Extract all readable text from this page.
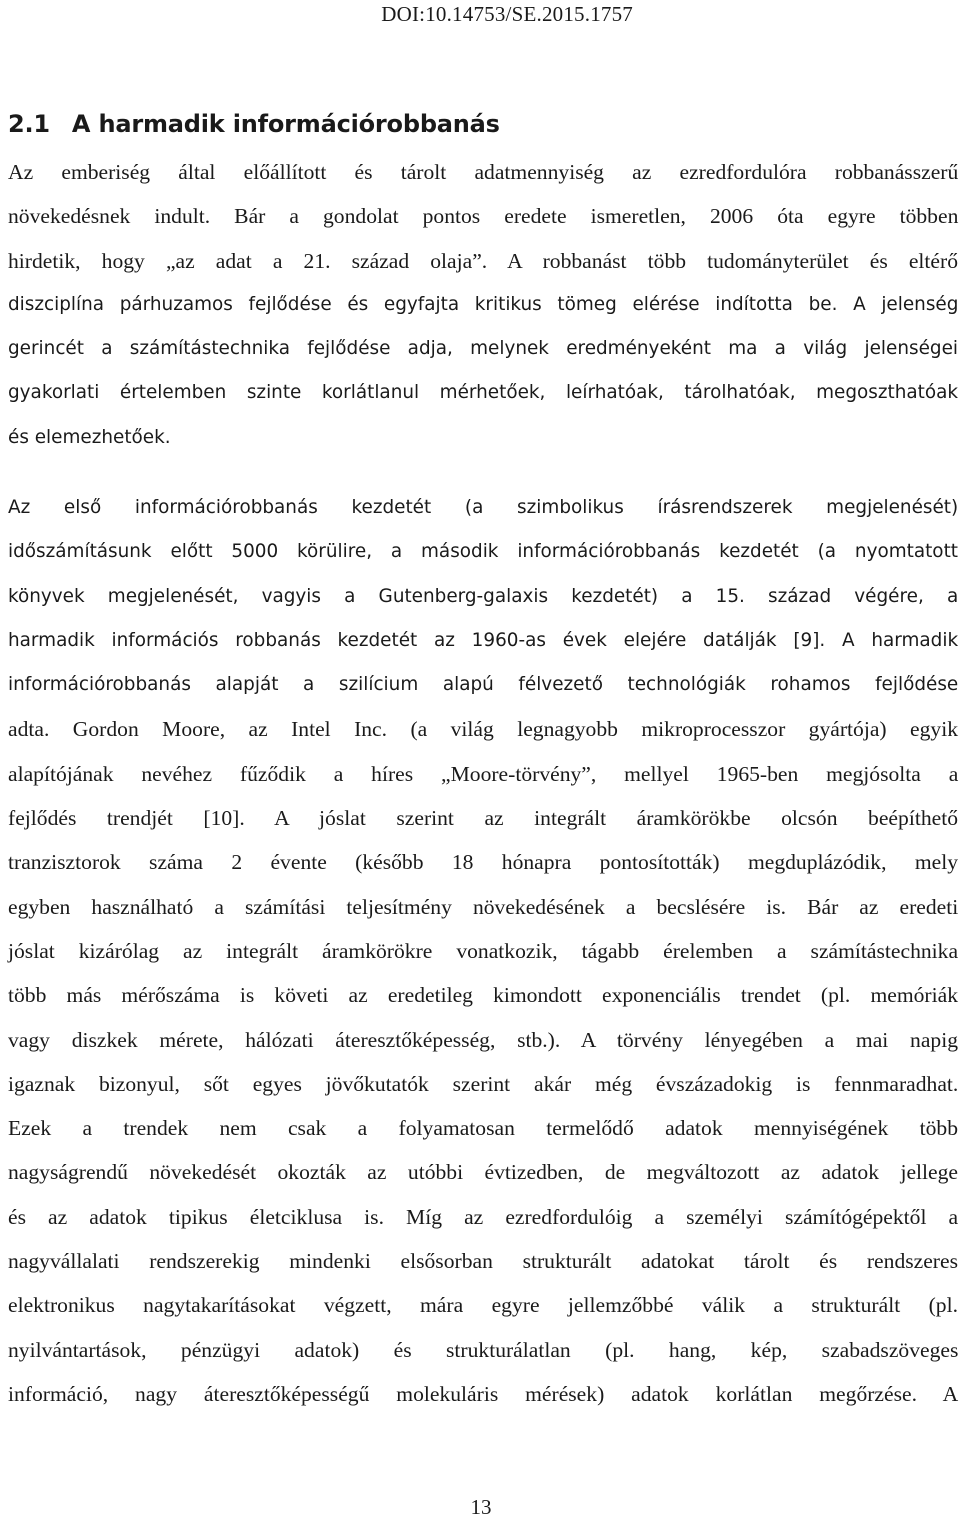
DOI:10.14753/SE.2015.1757
2.1 A harmadik információrobbanás
Az emberiség által előállított és tárolt adatmennyiség az ezredfordulóra robbanásszerű
növekedésnek indult. Bár a gondolat pontos eredete ismeretlen, 2006 óta egyre többen
hirdetik, hogy „az adat a 21. század olaja”. A robbanást több tudományterület és eltérő
diszciplína párhuzamos fejlődése és egyfajta kritikus tömeg elérése indította be. A jelenség
gerincét a számítástechnika fejlődése adja, melynek eredményeként ma a világ jelenségei
gyakorlati értelemben szinte korlátlanul mérhetőek, leírhatóak, tárolhatóak, megoszthatóak
és elemezhetőek.
Az első információrobbanás kezdetét (a szimbolikus írásrendszerek megjelenését)
időszámításunk előtt 5000 körülire, a második információrobbanás kezdetét (a nyomtatott
könyvek megjelenését, vagyis a Gutenberg-galaxis kezdetét) a 15. század végére, a
harmadik információs robbanás kezdetét az 1960-as évek elejére datálják [9]. A harmadik
információrobbanás alapját a szilícium alapú félvezető technológiák rohamos fejlődése
adta. Gordon Moore, az Intel Inc. (a világ legnagyobb mikroprocesszor gyártója) egyik
alapítójának nevéhez fűződik a híres „Moore-törvény”, mellyel 1965-ben megjósolta a
fejlődés trendjét [10]. A jóslat szerint az integrált áramkörökbe olcsón beépíthető
tranzisztorok száma 2 évente (később 18 hónapra pontosították) megduplázódik, mely
egyben használható a számítási teljesítmény növekedésének a becslésére is. Bár az eredeti
jóslat kizárólag az integrált áramkörökre vonatkozik, tágabb érelemben a számítástechnika
több más mérőszáma is követi az eredetileg kimondott exponenciális trendet (pl. memóriák
vagy diszkek mérete, hálózati áteresztőképesség, stb.). A törvény lényegében a mai napig
igaznak bizonyul, sőt egyes jövőkutatók szerint akár még évszázadokig is fennmaradhat.
Ezek a trendek nem csak a folyamatosan termelődő adatok mennyiségének több
nagyságrendű növekedését okozták az utóbbi évtizedben, de megváltozott az adatok jellege
és az adatok tipikus életciklusa is. Míg az ezredfordulóig a személyi számítógépektől a
nagyvállalati rendszerekig mindenki elsősorban strukturált adatokat tárolt és rendszeres
elektronikus nagytakarításokat végzett, mára egyre jellemzőbbé válik a strukturált (pl.
nyilvántartások, pénzügyi adatok) és strukturálatlan (pl. hang, kép, szabadszöveges
információ, nagy áteresztőképességű molekuláris mérések) adatok korlátlan megőrzése. A
13
